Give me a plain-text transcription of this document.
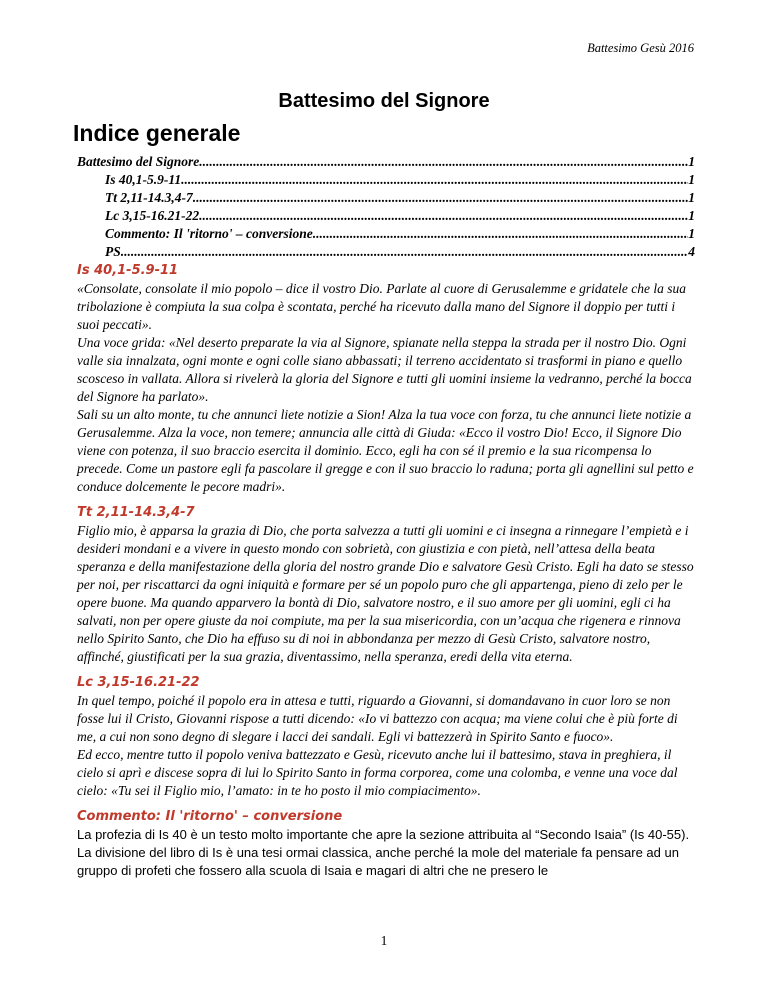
Battesimo Gesù 2016
Battesimo del Signore
Indice generale
Battesimo del Signore .....	1
Is 40,1-5.9-11 .....	1
Tt 2,11-14.3,4-7 .....	1
Lc 3,15-16.21-22 .....	1
Commento: Il 'ritorno' – conversione .....	1
PS .....	4
Is 40,1-5.9-11

«Consolate, consolate il mio popolo – dice il vostro Dio. Parlate al cuore di Gerusalemme e gridatele che la sua tribolazione è compiuta la sua colpa è scontata, perché ha ricevuto dalla mano del Signore il doppio per tutti i suoi peccati».

Una voce grida: «Nel deserto preparate la via al Signore, spianate nella steppa la strada per il nostro Dio. Ogni valle sia innalzata, ogni monte e ogni colle siano abbassati; il terreno accidentato si trasformi in piano e quello scosceso in vallata. Allora si rivelerà la gloria del Signore e tutti gli uomini insieme la vedranno, perché la bocca del Signore ha parlato».

Sali su un alto monte, tu che annunci liete notizie a Sion! Alza la tua voce con forza, tu che annunci liete notizie a Gerusalemme. Alza la voce, non temere; annuncia alle città di Giuda: «Ecco il vostro Dio! Ecco, il Signore Dio viene con potenza, il suo braccio esercita il dominio. Ecco, egli ha con sé il premio e la sua ricompensa lo precede. Come un pastore egli fa pascolare il gregge e con il suo braccio lo raduna; porta gli agnellini sul petto e conduce dolcemente le pecore madri».

Tt 2,11-14.3,4-7

Figlio mio, è apparsa la grazia di Dio, che porta salvezza a tutti gli uomini e ci insegna a rinnegare l’empietà e i desideri mondani e a vivere in questo mondo con sobrietà, con giustizia e con pietà, nell’attesa della beata speranza e della manifestazione della gloria del nostro grande Dio e salvatore Gesù Cristo. Egli ha dato se stesso per noi, per riscattarci da ogni iniquità e formare per sé un popolo puro che gli appartenga, pieno di zelo per le opere buone. Ma quando apparvero la bontà di Dio, salvatore nostro, e il suo amore per gli uomini, egli ci ha salvati, non per opere giuste da noi compiute, ma per la sua misericordia, con un’acqua che rigenera e rinnova nello Spirito Santo, che Dio ha effuso su di noi in abbondanza per mezzo di Gesù Cristo, salvatore nostro, affinché, giustificati per la sua grazia, diventassimo, nella speranza, eredi della vita eterna.

Lc 3,15-16.21-22

In quel tempo, poiché il popolo era in attesa e tutti, riguardo a Giovanni, si domandavano in cuor loro se non fosse lui il Cristo, Giovanni rispose a tutti dicendo: «Io vi battezzo con acqua; ma viene colui che è più forte di me, a cui non sono degno di slegare i lacci dei sandali. Egli vi battezzerà in Spirito Santo e fuoco».

Ed ecco, mentre tutto il popolo veniva battezzato e Gesù, ricevuto anche lui il battesimo, stava in preghiera, il cielo si aprì e discese sopra di lui lo Spirito Santo in forma corporea, come una colomba, e venne una voce dal cielo: «Tu sei il Figlio mio, l’amato: in te ho posto il mio compiacimento».

Commento: Il 'ritorno' – conversione

La profezia di Is 40 è un testo molto importante che apre la sezione attribuita al “Secondo Isaia” (Is 40-55). La divisione del libro di Is è una tesi ormai classica, anche perché la mole del materiale fa pensare ad un gruppo di profeti che fossero alla scuola di Isaia e magari di altri che ne presero le

1
